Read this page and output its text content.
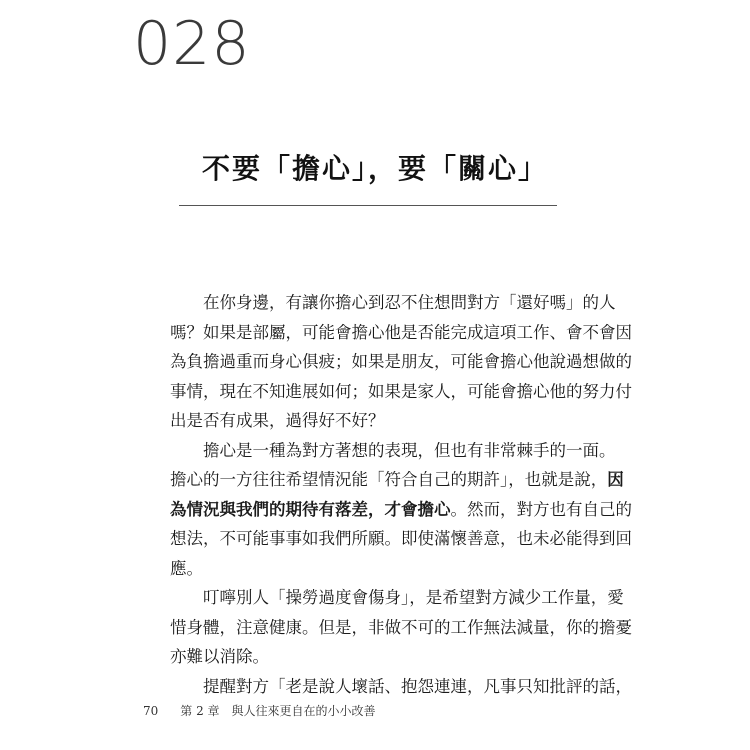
028
不要「擔心」，要「關心」
在你身邊，有讓你擔心到忍不住想問對方「還好嗎」的人
嗎？如果是部屬，可能會擔心他是否能完成這項工作、會不會因
為負擔過重而身心俱疲；如果是朋友，可能會擔心他說過想做的
事情，現在不知進展如何；如果是家人，可能會擔心他的努力付
出是否有成果，過得好不好？
擔心是一種為對方著想的表現，但也有非常棘手的一面。
擔心的一方往往希望情況能「符合自己的期許」，也就是說，因
為情況與我們的期待有落差，才會擔心。然而，對方也有自己的
想法，不可能事事如我們所願。即使滿懷善意，也未必能得到回
應。
叮嚀別人「操勞過度會傷身」，是希望對方減少工作量，愛
惜身體，注意健康。但是，非做不可的工作無法減量，你的擔憂
亦難以消除。
提醒對方「老是說人壞話、抱怨連連，凡事只知批評的話，
70 第 2 章　與人往來更自在的小小改善
